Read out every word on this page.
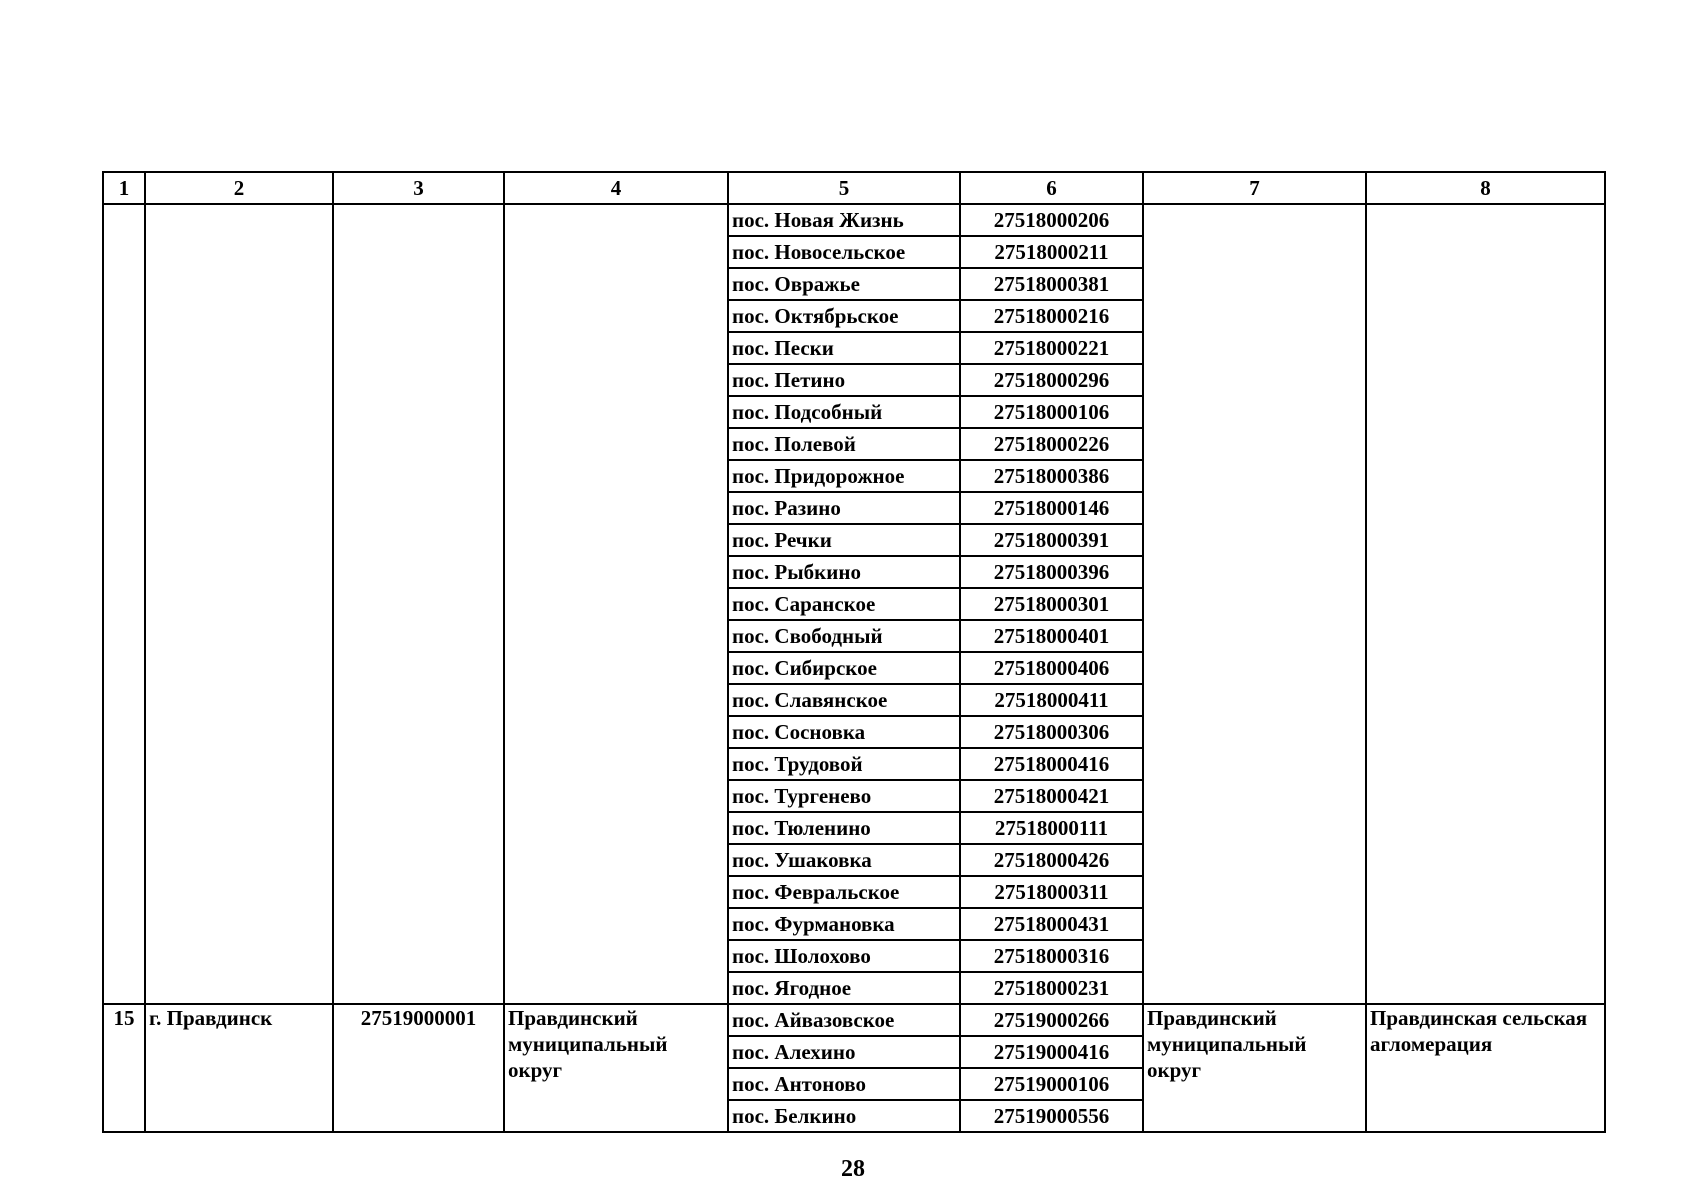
1	2	3	4	5	6	7	8
				пос. Новая Жизнь	27518000206		
				пос. Новосельское	27518000211		
				пос. Овражье	27518000381		
				пос. Октябрьское	27518000216		
				пос. Пески	27518000221		
				пос. Петино	27518000296		
				пос. Подсобный	27518000106		
				пос. Полевой	27518000226		
				пос. Придорожное	27518000386		
				пос. Разино	27518000146		
				пос. Речки	27518000391		
				пос. Рыбкино	27518000396		
				пос. Саранское	27518000301		
				пос. Свободный	27518000401		
				пос. Сибирское	27518000406		
				пос. Славянское	27518000411		
				пос. Сосновка	27518000306		
				пос. Трудовой	27518000416		
				пос. Тургенево	27518000421		
				пос. Тюленино	27518000111		
				пос. Ушаковка	27518000426		
				пос. Февральское	27518000311		
				пос. Фурмановка	27518000431		
				пос. Шолохово	27518000316		
				пос. Ягодное	27518000231		
15	г. Правдинск	27519000001	Правдинский муниципальный округ	пос. Айвазовское	27519000266	Правдинский муниципальный округ	Правдинская сельская агломерация
				пос. Алехино	27519000416		
				пос. Антоново	27519000106		
				пос. Белкино	27519000556		
28
